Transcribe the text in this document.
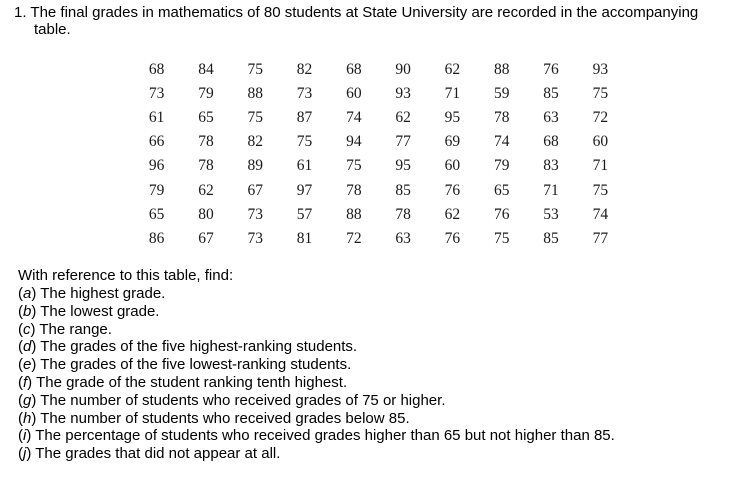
1. The final grades in mathematics of 80 students at State University are recorded in the accompanying
table.
68	84	75	82	68	90	62	88	76	93
73	79	88	73	60	93	71	59	85	75
61	65	75	87	74	62	95	78	63	72
66	78	82	75	94	77	69	74	68	60
96	78	89	61	75	95	60	79	83	71
79	62	67	97	78	85	76	65	71	75
65	80	73	57	88	78	62	76	53	74
86	67	73	81	72	63	76	75	85	77
With reference to this table, find:
(a) The highest grade.
(b) The lowest grade.
(c) The range.
(d) The grades of the five highest-ranking students.
(e) The grades of the five lowest-ranking students.
(f) The grade of the student ranking tenth highest.
(g) The number of students who received grades of 75 or higher.
(h) The number of students who received grades below 85.
(i) The percentage of students who received grades higher than 65 but not higher than 85.
(j) The grades that did not appear at all.
